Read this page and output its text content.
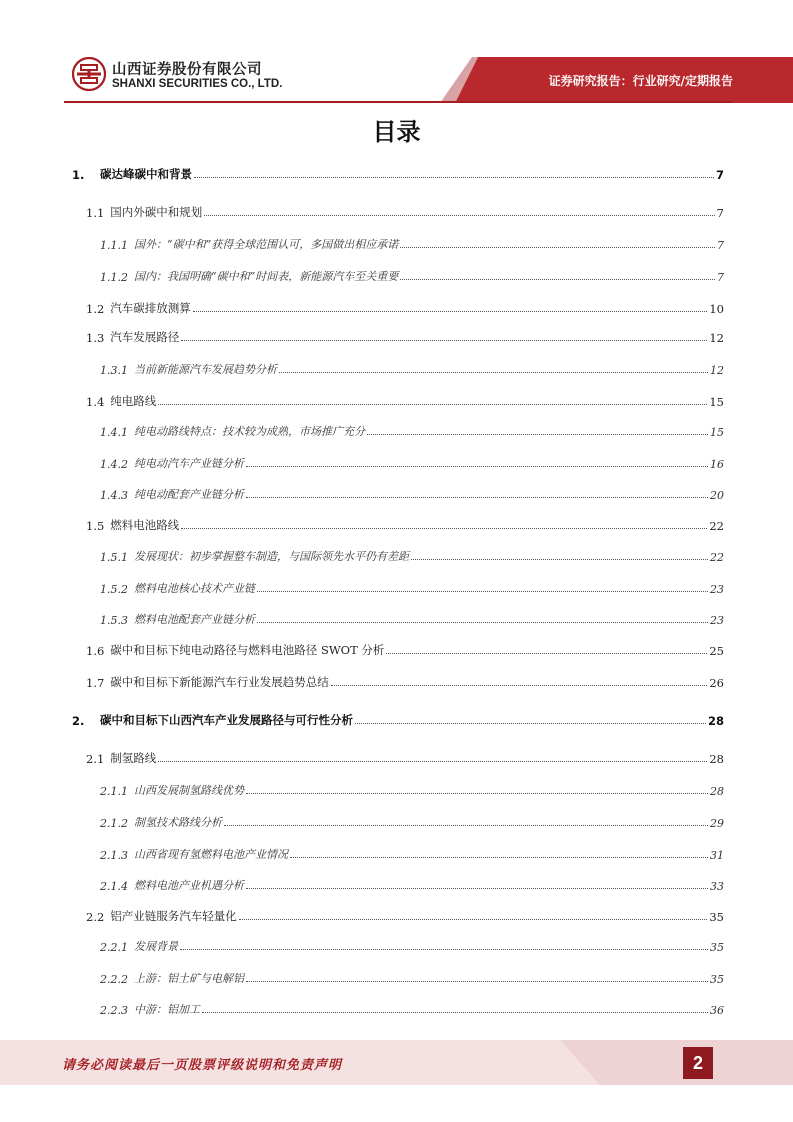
山西证券股份有限公司
SHANXI SECURITIES CO., LTD.	证券研究报告：行业研究/定期报告
目录
1.	碳达峰碳中和背景	7
1.1 国内外碳中和规划	7
1.1.1 国外：“碳中和”获得全球范围认可，多国做出相应承诺	7
1.1.2 国内：我国明确“碳中和”时间表，新能源汽车至关重要	7
1.2 汽车碳排放测算	10
1.3 汽车发展路径	12
1.3.1 当前新能源汽车发展趋势分析	12
1.4 纯电路线	15
1.4.1 纯电动路线特点：技术较为成熟，市场推广充分	15
1.4.2 纯电动汽车产业链分析	16
1.4.3 纯电动配套产业链分析	20
1.5 燃料电池路线	22
1.5.1 发展现状：初步掌握整车制造，与国际领先水平仍有差距	22
1.5.2 燃料电池核心技术产业链	23
1.5.3 燃料电池配套产业链分析	23
1.6 碳中和目标下纯电动路径与燃料电池路径 SWOT 分析	25
1.7 碳中和目标下新能源汽车行业发展趋势总结	26
2.	碳中和目标下山西汽车产业发展路径与可行性分析	28
2.1 制氢路线	28
2.1.1 山西发展制氢路线优势	28
2.1.2 制氢技术路线分析	29
2.1.3 山西省现有氢燃料电池产业情况	31
2.1.4 燃料电池产业机遇分析	33
2.2 铝产业链服务汽车轻量化	35
2.2.1 发展背景	35
2.2.2 上游：铝土矿与电解铝	35
2.2.3 中游：铝加工	36
请务必阅读最后一页股票评级说明和免责声明	2
